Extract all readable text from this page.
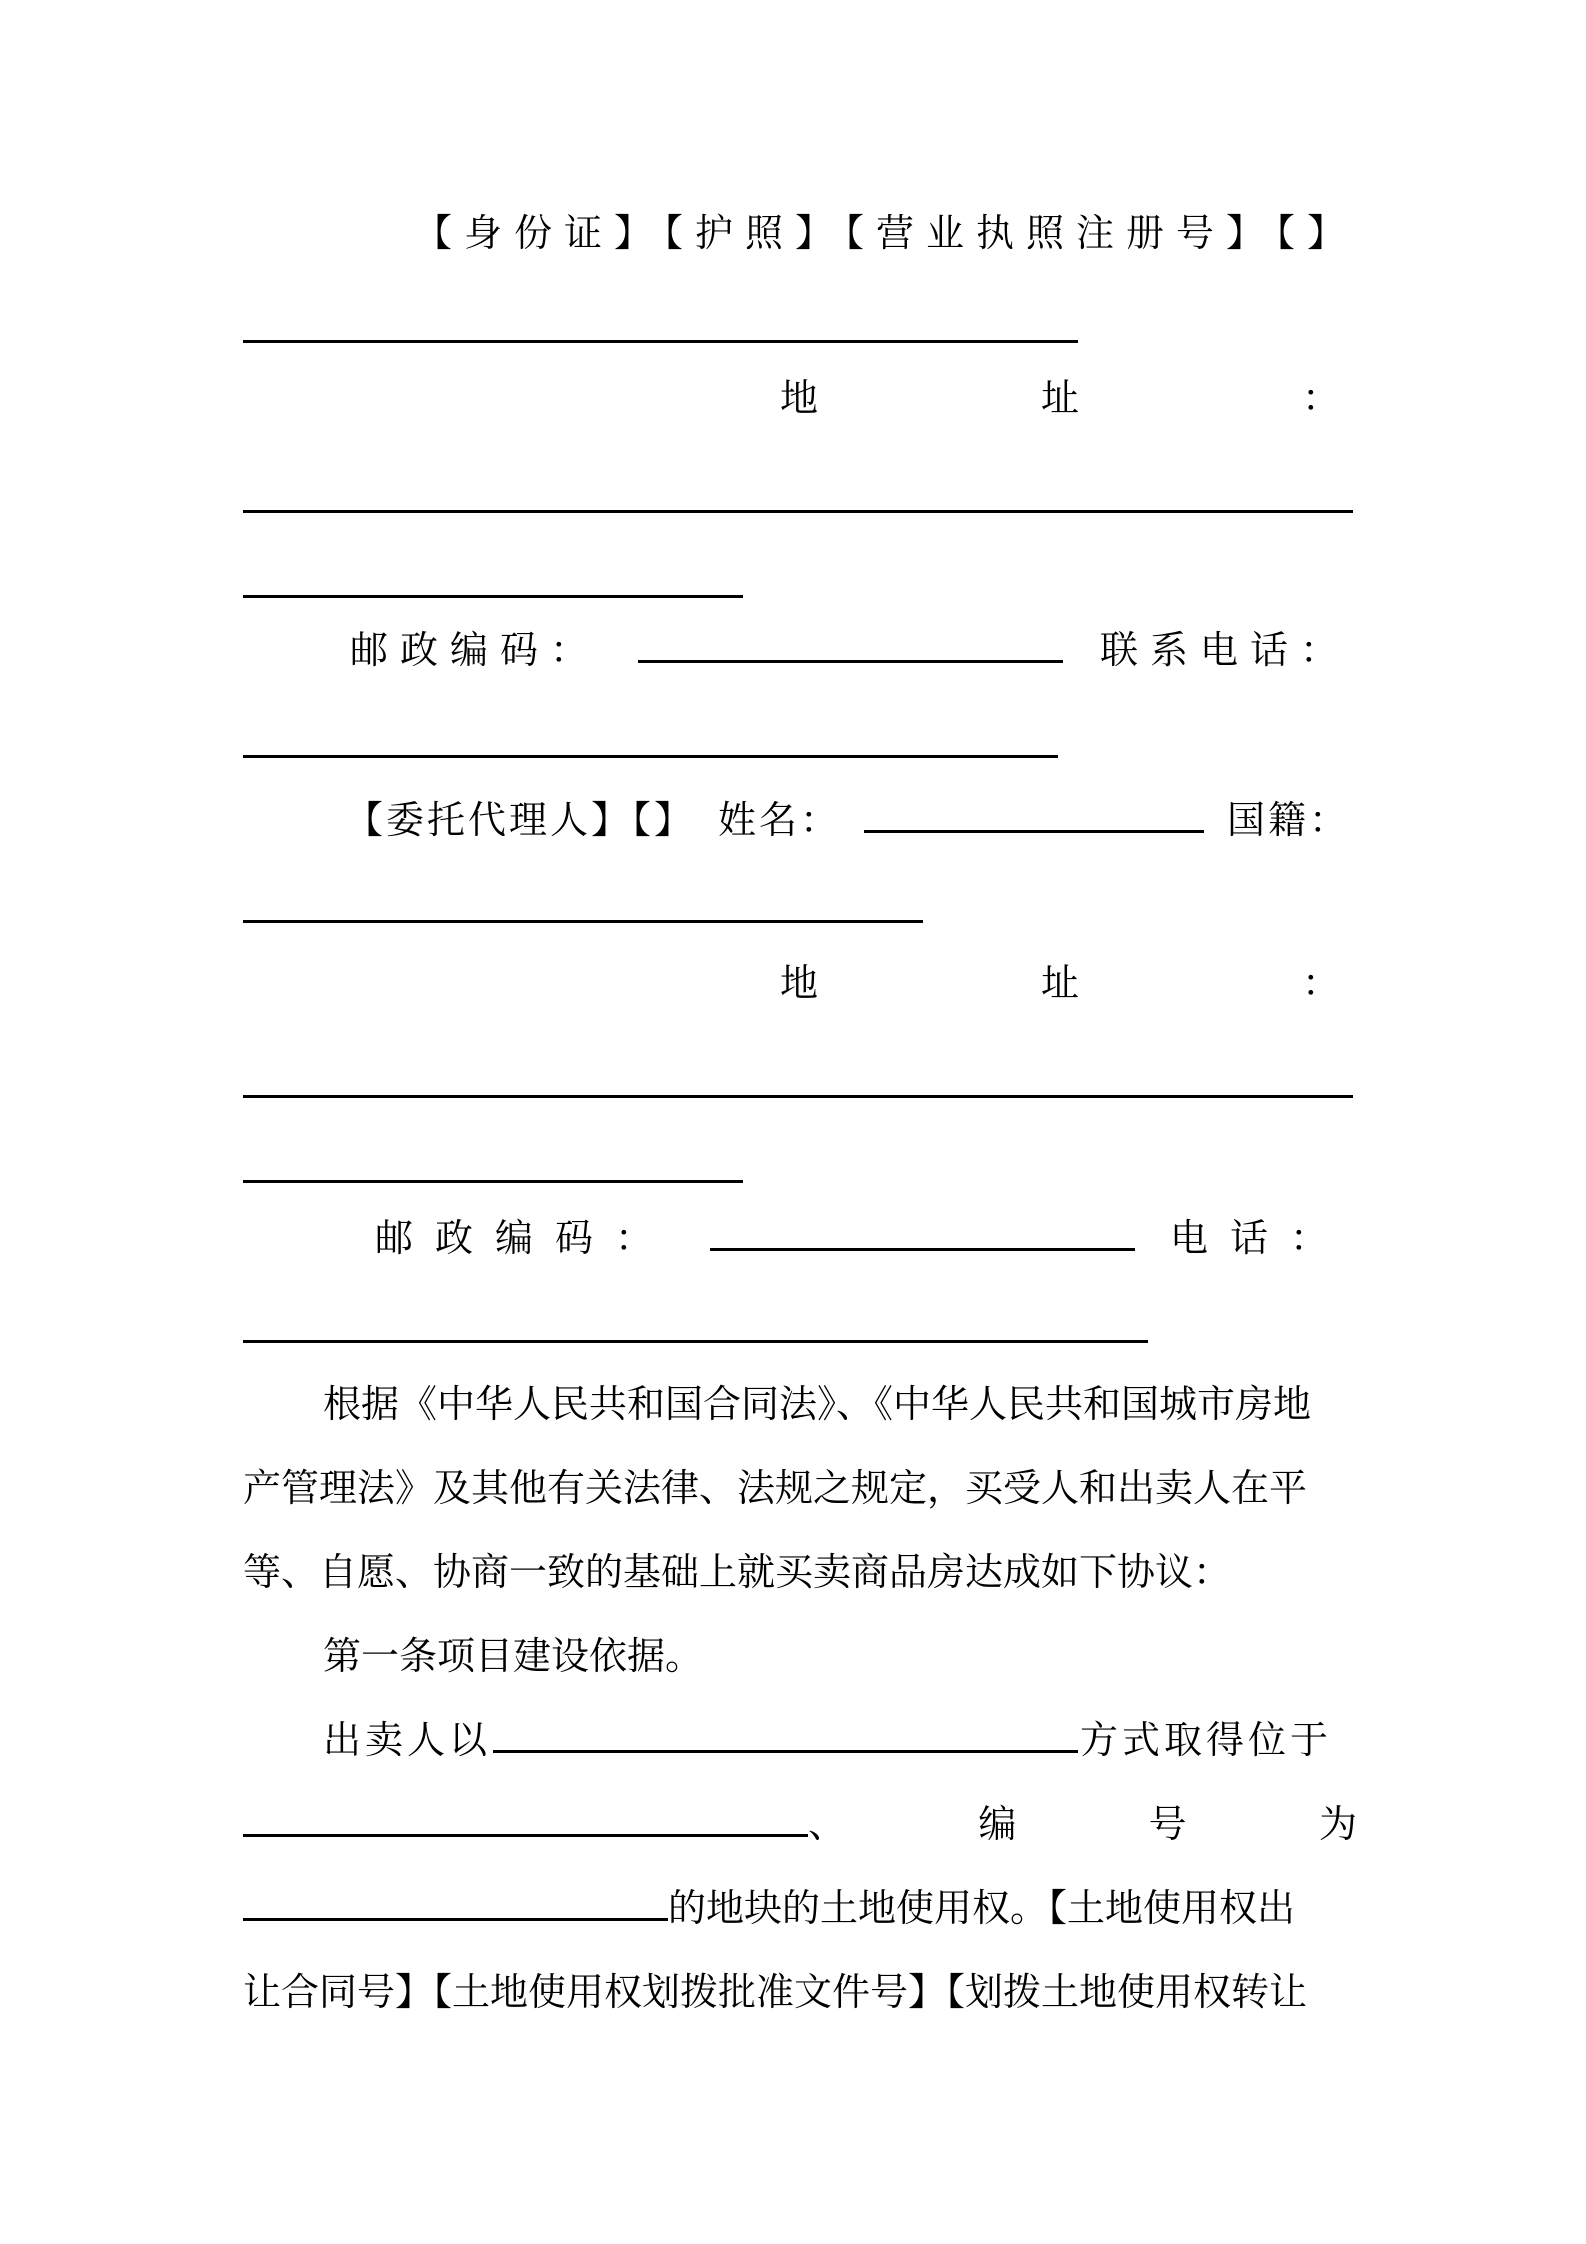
【身份证】【护照】【营业执照注册号】【】
地	址	：
邮政编码：	联系电话：
【委托代理人】【】 姓名：	国籍：
地	址	：
邮政编码：	电话：
根据《中华人民共和国合同法》、《中华人民共和国城市房地
产管理法》及其他有关法律、法规之规定，买受人和出卖人在平
等、自愿、协商一致的基础上就买卖商品房达成如下协议：
第一条项目建设依据。
出卖人以	方式取得位于
、	编	号	为
的地块的土地使用权。【土地使用权出
让合同号】【土地使用权划拨批准文件号】【划拨土地使用权转让
